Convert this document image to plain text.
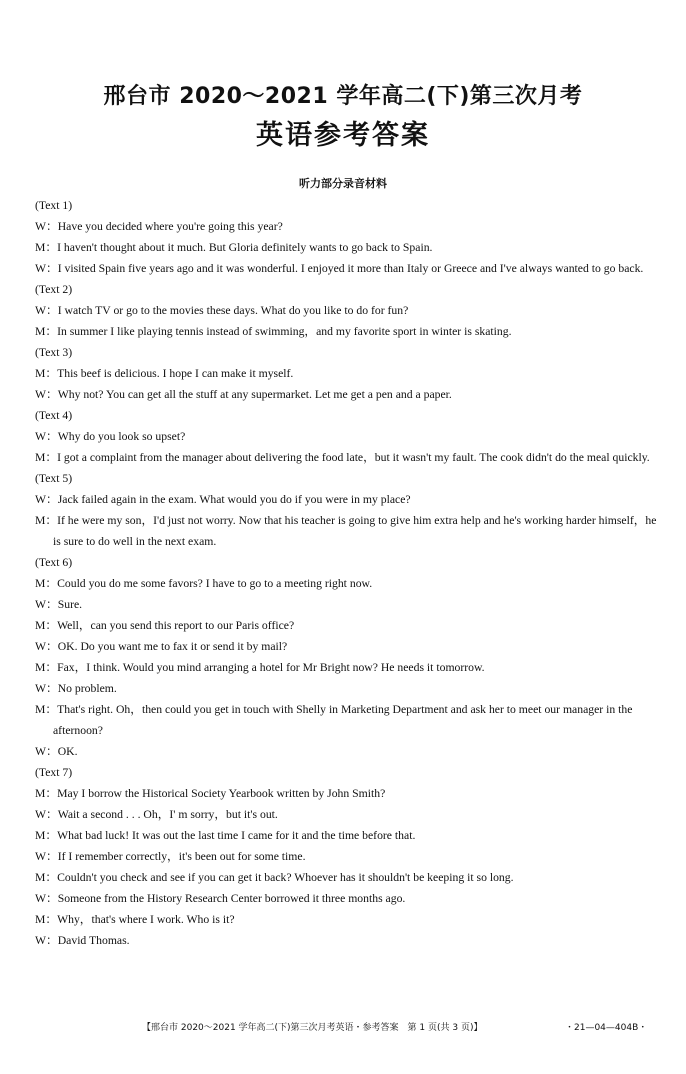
邢台市 2020～2021 学年高二(下)第三次月考
英语参考答案
听力部分录音材料

(Text 1)

W：Have you decided where you're going this year?

M：I haven't thought about it much. But Gloria definitely wants to go back to Spain.

W：I visited Spain five years ago and it was wonderful. I enjoyed it more than Italy or Greece and I've always wanted to go back.

(Text 2)

W：I watch TV or go to the movies these days. What do you like to do for fun?

M：In summer I like playing tennis instead of swimming，and my favorite sport in winter is skating.

(Text 3)

M：This beef is delicious. I hope I can make it myself.

W：Why not? You can get all the stuff at any supermarket. Let me get a pen and a paper.

(Text 4)

W：Why do you look so upset?

M：I got a complaint from the manager about delivering the food late，but it wasn't my fault. The cook didn't do the meal quickly.

(Text 5)

W：Jack failed again in the exam. What would you do if you were in my place?

M：If he were my son，I'd just not worry. Now that his teacher is going to give him extra help and he's working harder himself，he is sure to do well in the next exam.

(Text 6)

M：Could you do me some favors? I have to go to a meeting right now.

W：Sure.

M：Well，can you send this report to our Paris office?

W：OK. Do you want me to fax it or send it by mail?

M：Fax，I think. Would you mind arranging a hotel for Mr Bright now? He needs it tomorrow.

W：No problem.

M：That's right. Oh，then could you get in touch with Shelly in Marketing Department and ask her to meet our manager in the afternoon?

W：OK.

(Text 7)

M：May I borrow the Historical Society Yearbook written by John Smith?

W：Wait a second . . . Oh，I' m sorry，but it's out.

M：What bad luck! It was out the last time I came for it and the time before that.

W：If I remember correctly，it's been out for some time.

M：Couldn't you check and see if you can get it back? Whoever has it shouldn't be keeping it so long.

W：Someone from the History Research Center borrowed it three months ago.

M：Why，that's where I work. Who is it?

W：David Thomas.

【邢台市 2020～2021 学年高二(下)第三次月考英语・参考答案　第 1 页(共 3 页)】	・21—04—404B・
